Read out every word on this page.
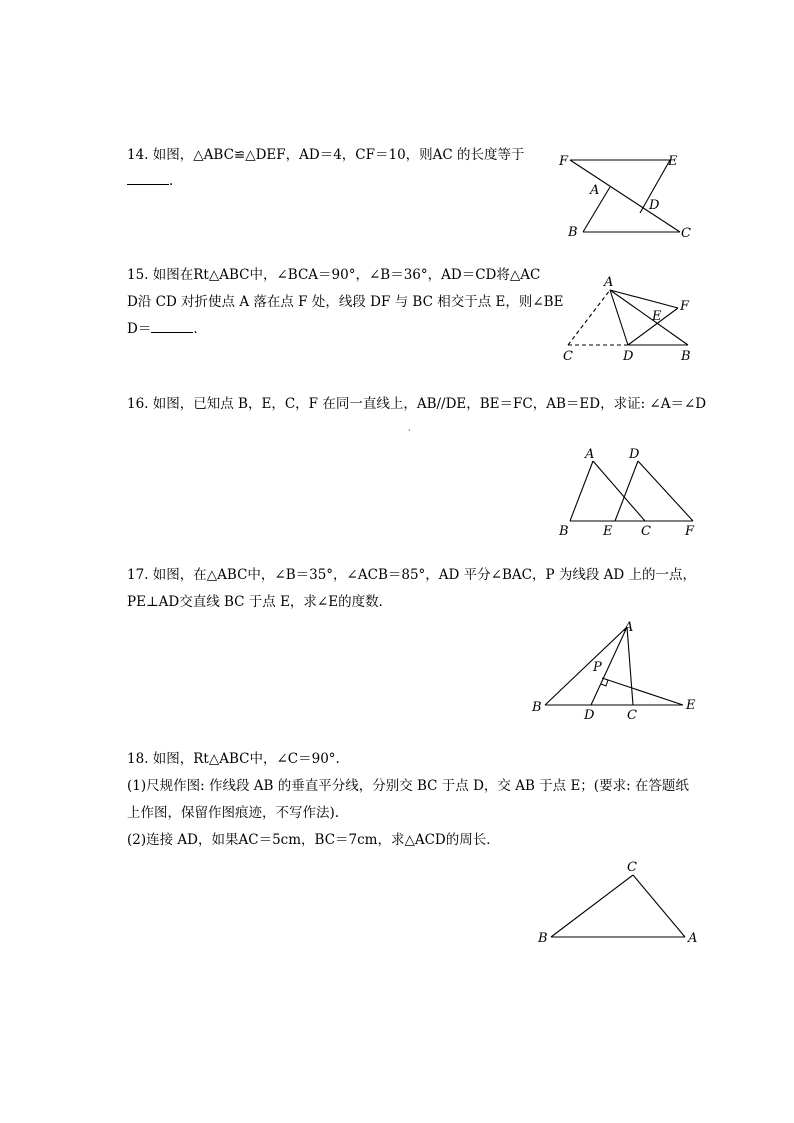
14. 如图，△ABC≌△DEF，AD＝4，CF＝10，则AC 的长度等于
.
F	E
A
D
B	C
15. 如图在Rt△ABC中，∠BCA＝90°，∠B＝36°，AD＝CD将△AC
D沿 CD 对折使点 A 落在点 F 处，线段 DF 与 BC 相交于点 E，则∠BE
D＝	.
A
F
E
C	D	B
16. 如图，已知点 B，E，C，F 在同一直线上，AB//DE，BE＝FC，AB＝ED，求证: ∠A＝∠D
·
A	D
B	E C	F
17. 如图，在△ABC中，∠B＝35°，∠ACB＝85°，AD 平分∠BAC，P 为线段 AD 上的一点，
PE⊥AD交直线 BC 于点 E，求∠E的度数．
A
P
B
D	C
E
18. 如图，Rt△ABC中，∠C＝90°.
(1)尺规作图: 作线段 AB 的垂直平分线，分别交 BC 于点 D，交 AB 于点 E；(要求: 在答题纸
上作图，保留作图痕迹，不写作法).
(2)连接 AD，如果AC＝5cm，BC＝7cm，求△ACD的周长．
C
B	A
